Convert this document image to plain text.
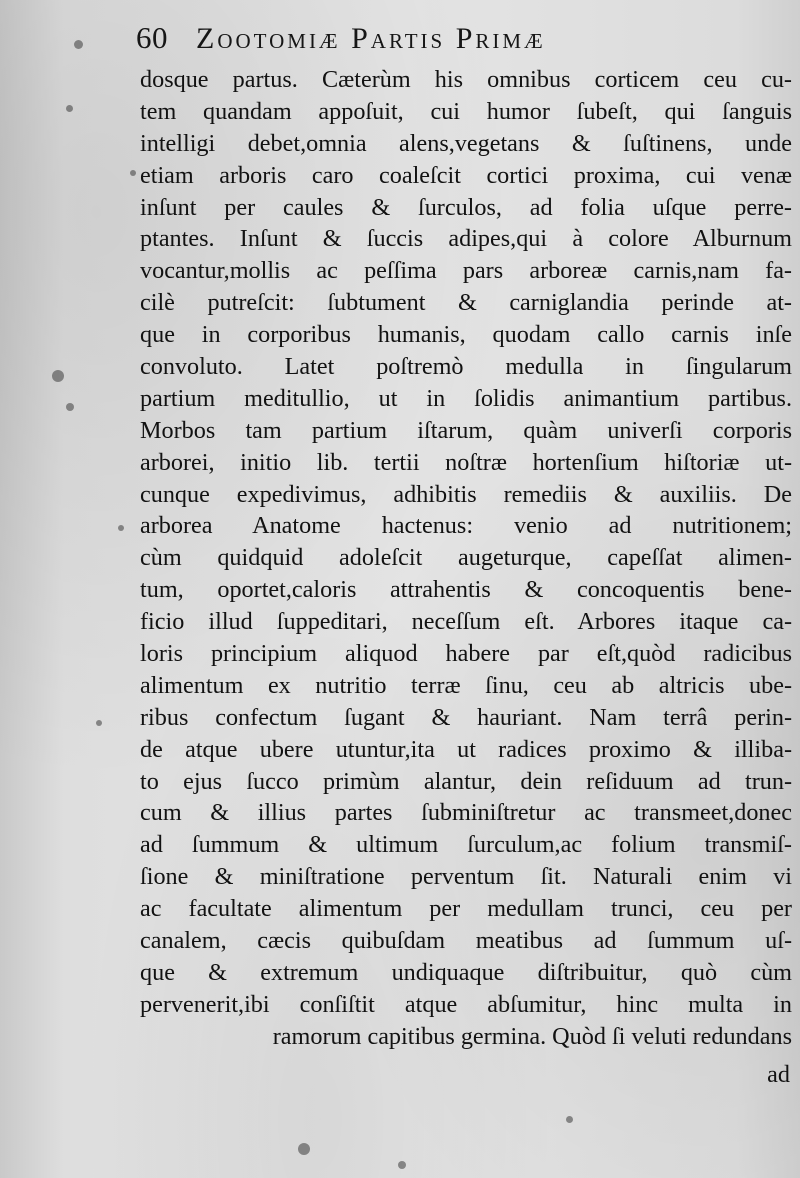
60 Zootomiæ Partis Primæ
dosque partus. Cæterùm his omnibus corticem ceu cu-
tem quandam appoſuit, cui humor ſubeſt, qui ſanguis
intelligi debet,omnia alens,vegetans & ſuſtinens, unde
etiam arboris caro coaleſcit cortici proxima, cui venæ
inſunt per caules & ſurculos, ad folia uſque perre-
ptantes. Inſunt & ſuccis adipes,qui à colore Alburnum
vocantur,mollis ac peſſima pars arboreæ carnis,nam fa-
cilè putreſcit: ſubtument & carniglandia perinde at-
que in corporibus humanis, quodam callo carnis inſe
convoluto. Latet poſtremò medulla in ſingularum
partium meditullio, ut in ſolidis animantium partibus.
Morbos tam partium iſtarum, quàm univerſi corporis
arborei, initio lib. tertii noſtræ hortenſium hiſtoriæ ut-
cunque expedivimus, adhibitis remediis & auxiliis. De
arborea Anatome hactenus: venio ad nutritionem;
cùm quidquid adoleſcit augeturque, capeſſat alimen-
tum, oportet,caloris attrahentis & concoquentis bene-
ficio illud ſuppeditari, neceſſum eſt. Arbores itaque ca-
loris principium aliquod habere par eſt,quòd radicibus
alimentum ex nutritio terræ ſinu, ceu ab altricis ube-
ribus confectum ſugant & hauriant. Nam terrâ perin-
de atque ubere utuntur,ita ut radices proximo & illiba-
to ejus ſucco primùm alantur, dein reſiduum ad trun-
cum & illius partes ſubminiſtretur ac transmeet,donec
ad ſummum & ultimum ſurculum,ac folium transmiſ-
ſione & miniſtratione perventum ſit. Naturali enim vi
ac facultate alimentum per medullam trunci, ceu per
canalem, cæcis quibuſdam meatibus ad ſummum uſ-
que & extremum undiquaque diſtribuitur, quò cùm
pervenerit,ibi conſiſtit atque abſumitur, hinc multa in
ramorum capitibus germina. Quòd ſi veluti redundans
ad
